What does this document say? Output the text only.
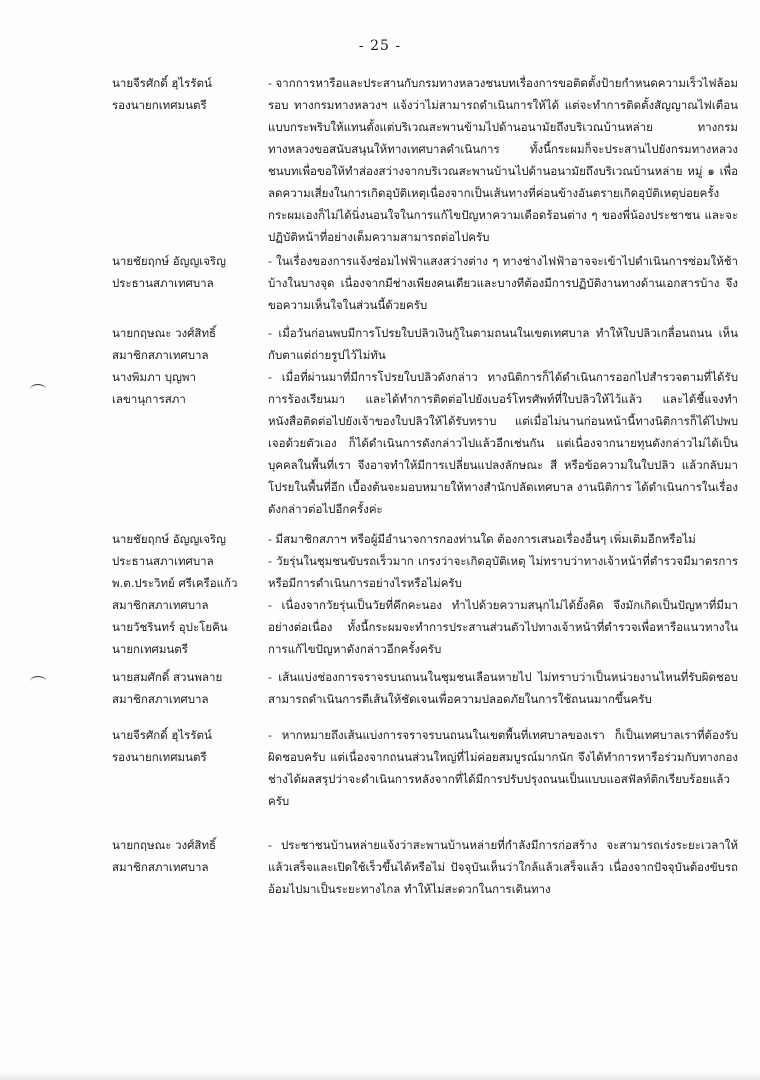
- 25 -
นายจีรศักดิ์ ฮุไรรัตน์
รองนายกเทศมนตรี

- จากการหารือและประสานกับกรมทางหลวงชนบทเรื่องการขอติดตั้งป้ายกำหนดความเร็วไฟล้อมรอบ ทางกรมทางหลวงฯ แจ้งว่าไม่สามารถดำเนินการให้ได้ แต่จะทำการติดตั้งสัญญาณไฟเตือนแบบกระพริบให้แทนตั้งแต่บริเวณสะพานข้ามไปด้านอนามัยถึงบริเวณบ้านหล่าย ทางกรมทางหลวงขอสนับสนุนให้ทางเทศบาลดำเนินการ ทั้งนี้กระผมก็จะประสานไปยังกรมทางหลวงชนบทเพื่อขอให้ทำส่องสว่างจากบริเวณสะพานบ้านไปด้านอนามัยถึงบริเวณบ้านหล่าย หมู่ ๑ เพื่อลดความเสี่ยงในการเกิดอุบัติเหตุเนื่องจากเป็นเส้นทางที่ค่อนข้างอันตรายเกิดอุบัติเหตุบ่อยครั้ง กระผมเองก็ไม่ได้นิ่งนอนใจในการแก้ไขปัญหาความเดือดร้อนต่าง ๆ ของพี่น้องประชาชน และจะปฏิบัติหน้าที่อย่างเต็มความสามารถต่อไปครับ

นายชัยฤกษ์ อัญญเจริญ
ประธานสภาเทศบาล

- ในเรื่องของการแจ้งซ่อมไฟฟ้าแสงสว่างต่าง ๆ ทางช่างไฟฟ้าอาจจะเข้าไปดำเนินการซ่อมให้ช้าบ้างในบางจุด เนื่องจากมีช่างเพียงคนเดียวและบางทีต้องมีการปฏิบัติงานทางด้านเอกสารบ้าง จึงขอความเห็นใจในส่วนนี้ด้วยครับ

นายกฤษณะ วงศ์สิทธิ์
สมาชิกสภาเทศบาล
นางพิมภา บุญพา
เลขานุการสภา

- เมื่อวันก่อนพบมีการโปรยใบปลิวเงินกู้ในตามถนนในเขตเทศบาล ทำให้ใบปลิวเกลื่อนถนน เห็นกับตาแต่ถ่ายรูปไว้ไม่ทัน

- เมื่อที่ผ่านมาที่มีการโปรยใบปลิวดังกล่าว ทางนิติการก็ได้ดำเนินการออกไปสำรวจตามที่ได้รับการร้องเรียนมา และได้ทำการติดต่อไปยังเบอร์โทรศัพท์ที่ใบปลิวให้ไว้แล้ว และได้ชี้แจงทำหนังสือติดต่อไปยังเจ้าของใบปลิวให้ได้รับทราบ แต่เมื่อไม่นานก่อนหน้านี้ทางนิติการก็ได้ไปพบเจอด้วยตัวเอง ก็ได้ดำเนินการดังกล่าวไปแล้วอีกเช่นกัน แต่เนื่องจากนายทุนดังกล่าวไม่ได้เป็นบุคคลในพื้นที่เรา จึงอาจทำให้มีการเปลี่ยนแปลงลักษณะ สี หรือข้อความในใบปลิว แล้วกลับมาโปรยในพื้นที่อีก เบื้องต้นจะมอบหมายให้ทางสำนักปลัดเทศบาล งานนิติการ ได้ดำเนินการในเรื่องดังกล่าวต่อไปอีกครั้งค่ะ

นายชัยฤกษ์ อัญญเจริญ
ประธานสภาเทศบาล
พ.ต.ประวิทย์ ศรีเครือแก้ว
สมาชิกสภาเทศบาล
นายวัชรินทร์ อุปะโยคิน
นายกเทศมนตรี

- มีสมาชิกสภาฯ หรือผู้มีอำนาจการกองท่านใด ต้องการเสนอเรื่องอื่นๆ เพิ่มเติมอีกหรือไม่

- วัยรุ่นในชุมชนขับรถเร็วมาก เกรงว่าจะเกิดอุบัติเหตุ ไม่ทราบว่าทางเจ้าหน้าที่ตำรวจมีมาตรการหรือมีการดำเนินการอย่างไรหรือไม่ครับ

- เนื่องจากวัยรุ่นเป็นวัยที่คึกคะนอง ทำไปด้วยความสนุกไม่ได้ยั้งคิด จึงมักเกิดเป็นปัญหาที่มีมาอย่างต่อเนื่อง ทั้งนี้กระผมจะทำการประสานส่วนตัวไปทางเจ้าหน้าที่ตำรวจเพื่อหารือแนวทางในการแก้ไขปัญหาดังกล่าวอีกครั้งครับ

นายสมศักดิ์ สวนพลาย
สมาชิกสภาเทศบาล

- เส้นแบ่งช่องการจราจรบนถนนในชุมชนเลือนหายไป ไม่ทราบว่าเป็นหน่วยงานไหนที่รับผิดชอบสามารถดำเนินการตีเส้นให้ชัดเจนเพื่อความปลอดภัยในการใช้ถนนมากขึ้นครับ

นายจีรศักดิ์ ฮุไรรัตน์
รองนายกเทศมนตรี

- หากหมายถึงเส้นแบ่งการจราจรบนถนนในเขตพื้นที่เทศบาลของเรา ก็เป็นเทศบาลเราที่ต้องรับผิดชอบครับ แต่เนื่องจากถนนส่วนใหญ่ที่ไม่ค่อยสมบูรณ์มากนัก จึงได้ทำการหารือร่วมกับทางกองช่างได้ผลสรุปว่าจะดำเนินการหลังจากที่ได้มีการปรับปรุงถนนเป็นแบบแอสฟัลท์ติกเรียบร้อยแล้วครับ

นายกฤษณะ วงศ์สิทธิ์
สมาชิกสภาเทศบาล

- ประชาชนบ้านหล่ายแจ้งว่าสะพานบ้านหล่ายที่กำลังมีการก่อสร้าง จะสามารถเร่งระยะเวลาให้แล้วเสร็จและเปิดใช้เร็วขึ้นได้หรือไม่ ปัจจุบันเห็นว่าใกล้แล้วเสร็จแล้ว เนื่องจากปัจจุบันต้องขับรถอ้อมไปมาเป็นระยะทางไกล ทำให้ไม่สะดวกในการเดินทาง
